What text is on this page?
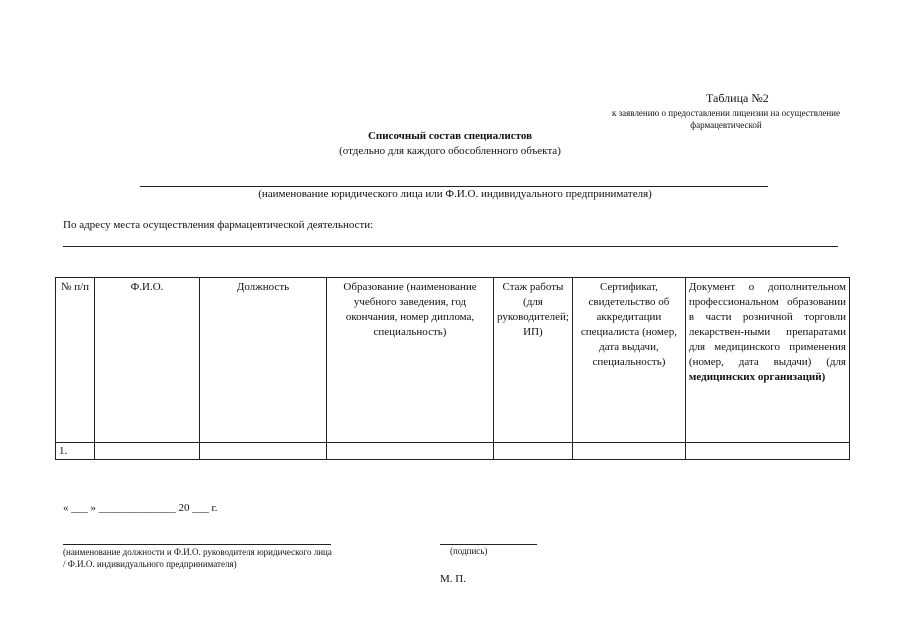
Таблица №2
к заявлению о предоставлении лицензии на осуществление фармацевтической
Списочный состав специалистов
(отдельно для каждого обособленного объекта)
(наименование юридического лица или Ф.И.О. индивидуального предпринимателя)
По адресу места осуществления фармацевтической деятельности:
№ п/п	Ф.И.О.	Должность	Образование (наименование учебного заведения, год окончания, номер диплома, специальность)	Стаж работы (для руководителей; ИП)	Сертификат, свидетельство об аккредитации специалиста (номер, дата выдачи, специальность)	Документ о дополнительном профессиональном образовании в части розничной торговли лекарствен-ными препаратами для медицинского применения (номер, дата выдачи) (для медицинских организаций)
1.						
« ___ » ______________ 20 ___ г.
(наименование должности и Ф.И.О. руководителя юридического лица / Ф.И.О. индивидуального предпринимателя)
(подпись)
М. П.
